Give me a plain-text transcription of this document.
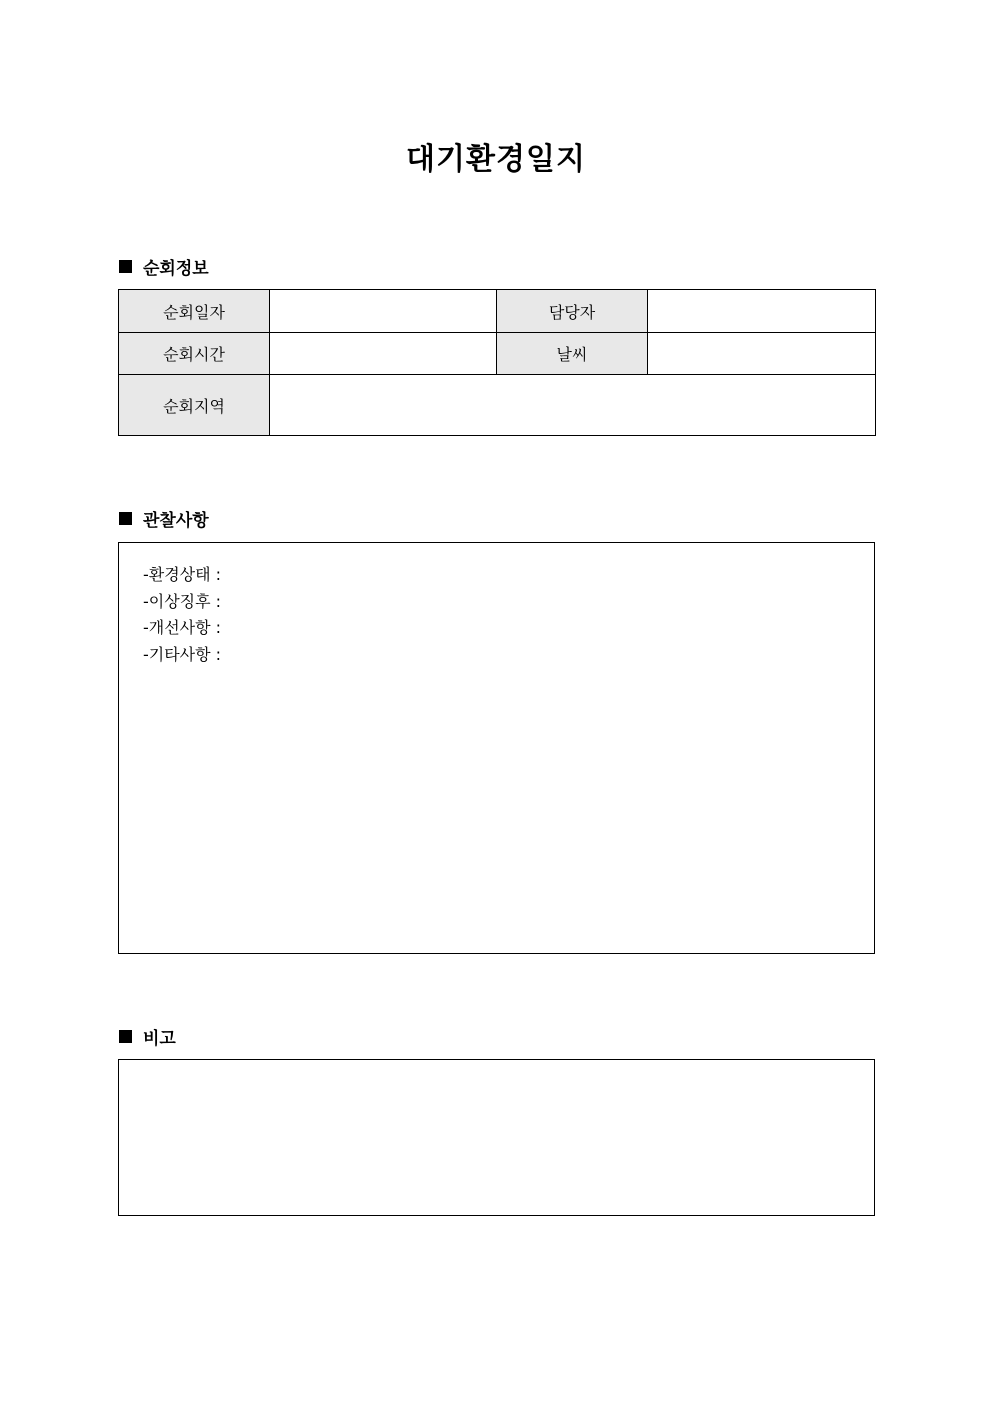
대기환경일지
순회정보
순회일자		담당자	
순회시간		날씨	
순회지역			
관찰사항
-환경상태 :
-이상징후 :
-개선사항 :
-기타사항 :
비고
